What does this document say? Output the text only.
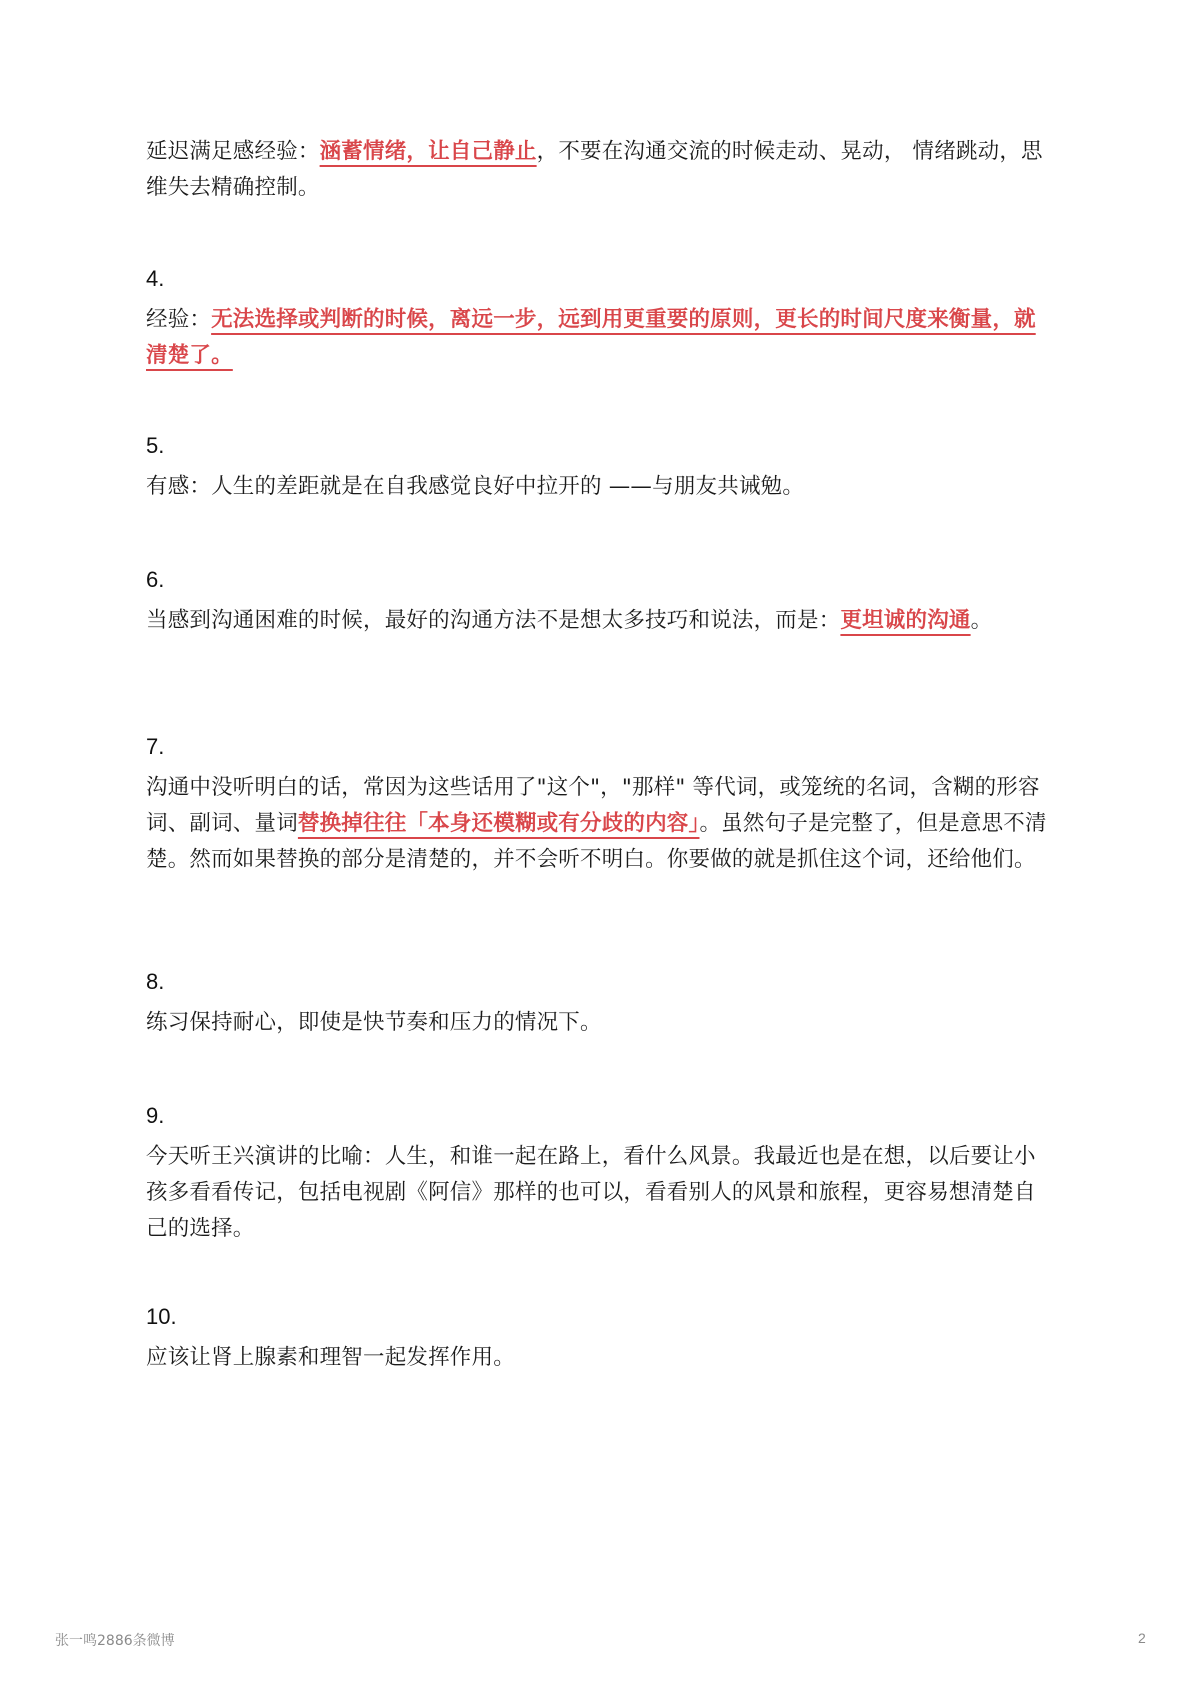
延迟满足感经验：涵蓄情绪，让自己静止，不要在沟通交流的时候走动、晃动， 情绪跳动，思维失去精确控制。

4.

经验：无法选择或判断的时候，离远一步，远到用更重要的原则，更长的时间尺度来衡量，就清楚了。

5.

有感：人生的差距就是在自我感觉良好中拉开的 ——与朋友共诫勉。

6.

当感到沟通困难的时候，最好的沟通方法不是想太多技巧和说法，而是：更坦诚的沟通。

7.

沟通中没听明白的话，常因为这些话用了"这个"，"那样" 等代词，或笼统的名词，含糊的形容词、副词、量词替换掉往往「本身还模糊或有分歧的内容」。虽然句子是完整了，但是意思不清楚。然而如果替换的部分是清楚的，并不会听不明白。你要做的就是抓住这个词，还给他们。

8.

练习保持耐心，即使是快节奏和压力的情况下。

9.

今天听王兴演讲的比喻：人生，和谁一起在路上，看什么风景。我最近也是在想，以后要让小孩多看看传记，包括电视剧《阿信》那样的也可以，看看别人的风景和旅程，更容易想清楚自己的选择。

10.

应该让肾上腺素和理智一起发挥作用。

张一鸣2886条微博	2
